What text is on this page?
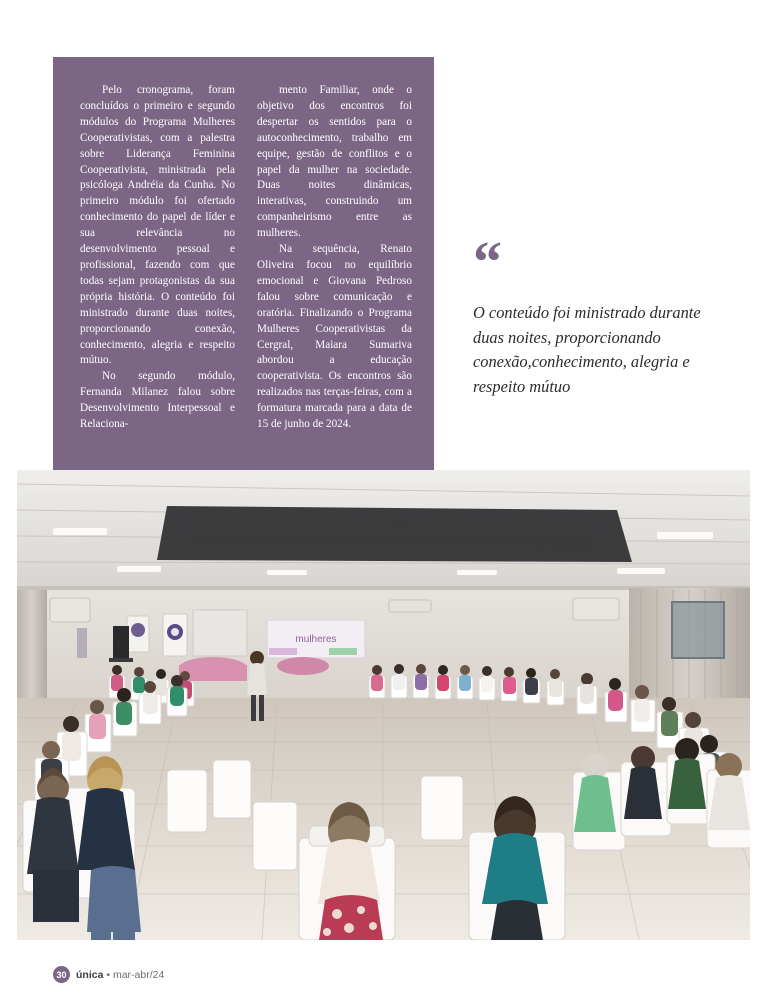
Pelo cronograma, foram concluídos o primeiro e segundo módulos do Programa Mulheres Cooperativistas, com a palestra sobre Liderança Feminina Cooperativista, ministrada pela psicóloga Andréia da Cunha. No primeiro módulo foi ofertado conhecimento do papel de líder e sua relevância no desenvolvimento pessoal e profissional, fazendo com que todas sejam protagonistas da sua própria história. O conteúdo foi ministrado durante duas noites, proporcionando conexão, conhecimento, alegria e respeito mútuo.

No segundo módulo, Fernanda Milanez falou sobre Desenvolvimento Interpessoal e Relaciona-

mento Familiar, onde o objetivo dos encontros foi despertar os sentidos para o autoconhecimento, trabalho em equipe, gestão de conflitos e o papel da mulher na sociedade. Duas noites dinâmicas, interativas, construindo um companheirismo entre as mulheres.

Na sequência, Renato Oliveira focou no equilíbrio emocional e Giovana Pedroso falou sobre comunicação e oratória. Finalizando o Programa Mulheres Cooperativistas da Cergral, Maiara Sumariva abordou a educação cooperativista. Os encontros são realizados nas terças-feiras, com a formatura marcada para a data de 15 de junho de 2024.

“
O conteúdo foi ministrado durante duas noites, proporcionando conexão,conhecimento, alegria e respeito mútuo
mulheres
30 única • mar-abr/24
